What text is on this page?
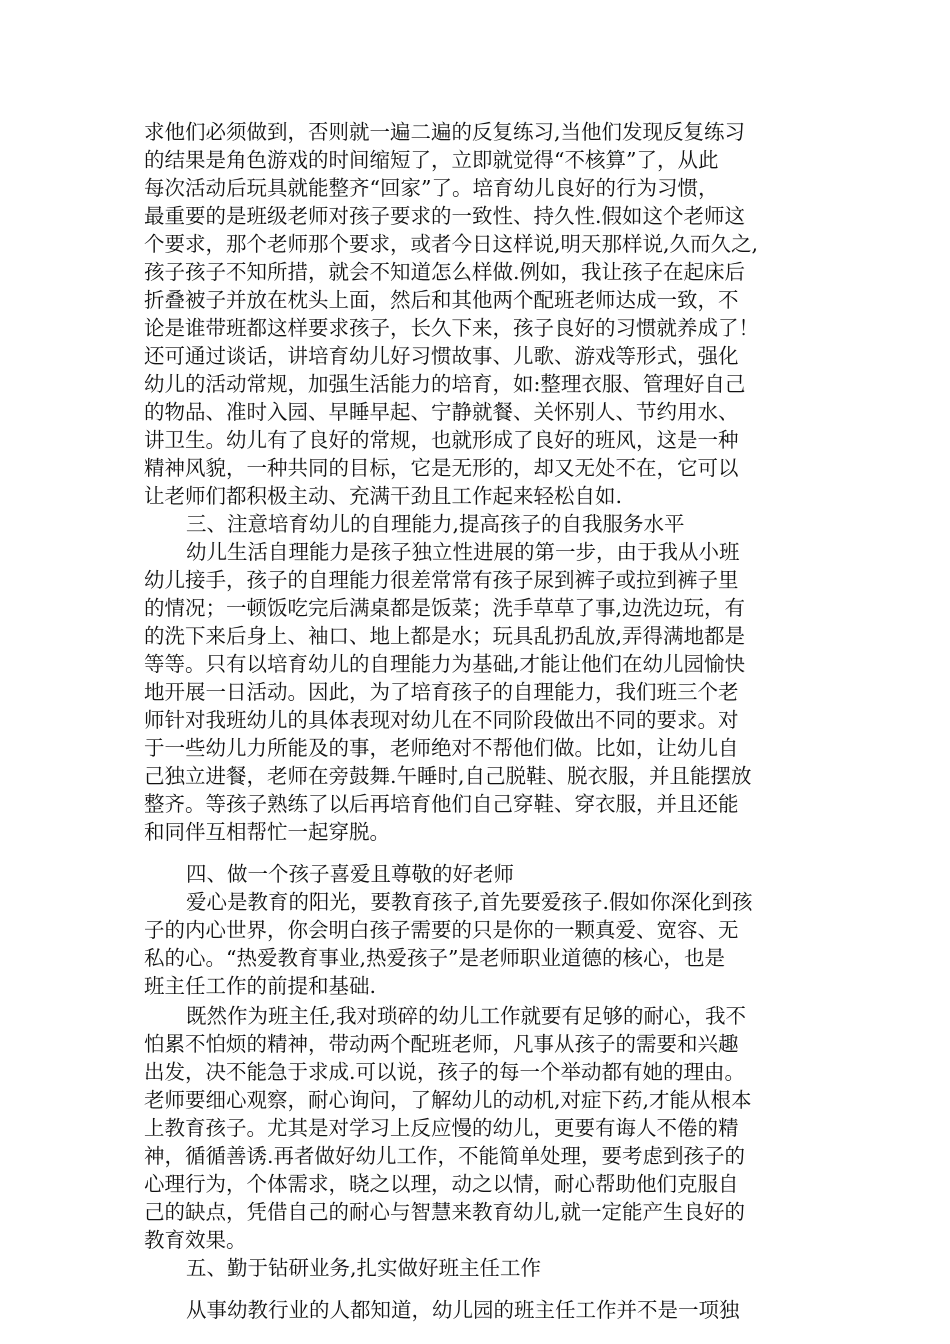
求他们必须做到，否则就一遍二遍的反复练习,当他们发现反复练习
的结果是角色游戏的时间缩短了，立即就觉得“不核算”了，从此
每次活动后玩具就能整齐“回家”了。培育幼儿良好的行为习惯，
最重要的是班级老师对孩子要求的一致性、持久性.假如这个老师这
个要求，那个老师那个要求，或者今日这样说,明天那样说,久而久之,
孩子孩子不知所措，就会不知道怎么样做.例如，我让孩子在起床后
折叠被子并放在枕头上面，然后和其他两个配班老师达成一致，不
论是谁带班都这样要求孩子，长久下来，孩子良好的习惯就养成了！
还可通过谈话，讲培育幼儿好习惯故事、儿歌、游戏等形式，强化
幼儿的活动常规，加强生活能力的培育，如:整理衣服、管理好自己
的物品、准时入园、早睡早起、宁静就餐、关怀别人、节约用水、
讲卫生。幼儿有了良好的常规，也就形成了良好的班风，这是一种
精神风貌，一种共同的目标，它是无形的，却又无处不在，它可以
让老师们都积极主动、充满干劲且工作起来轻松自如.
三、注意培育幼儿的自理能力,提高孩子的自我服务水平
幼儿生活自理能力是孩子独立性进展的第一步，由于我从小班
幼儿接手，孩子的自理能力很差常常有孩子尿到裤子或拉到裤子里
的情况；一顿饭吃完后满桌都是饭菜；洗手草草了事,边洗边玩，有
的洗下来后身上、袖口、地上都是水；玩具乱扔乱放,弄得满地都是
等等。只有以培育幼儿的自理能力为基础,才能让他们在幼儿园愉快
地开展一日活动。因此，为了培育孩子的自理能力，我们班三个老
师针对我班幼儿的具体表现对幼儿在不同阶段做出不同的要求。对
于一些幼儿力所能及的事，老师绝对不帮他们做。比如，让幼儿自
己独立进餐，老师在旁鼓舞.午睡时,自己脱鞋、脱衣服，并且能摆放
整齐。等孩子熟练了以后再培育他们自己穿鞋、穿衣服，并且还能
和同伴互相帮忙一起穿脱。
四、做一个孩子喜爱且尊敬的好老师
爱心是教育的阳光，要教育孩子,首先要爱孩子.假如你深化到孩
子的内心世界，你会明白孩子需要的只是你的一颗真爱、宽容、无
私的心。“热爱教育事业,热爱孩子”是老师职业道德的核心，也是
班主任工作的前提和基础.
既然作为班主任,我对琐碎的幼儿工作就要有足够的耐心，我不
怕累不怕烦的精神，带动两个配班老师，凡事从孩子的需要和兴趣
出发，决不能急于求成.可以说，孩子的每一个举动都有她的理由。
老师要细心观察，耐心询问，了解幼儿的动机,对症下药,才能从根本
上教育孩子。尤其是对学习上反应慢的幼儿，更要有诲人不倦的精
神，循循善诱.再者做好幼儿工作，不能简单处理，要考虑到孩子的
心理行为，个体需求，晓之以理，动之以情，耐心帮助他们克服自
己的缺点，凭借自己的耐心与智慧来教育幼儿,就一定能产生良好的
教育效果。
五、勤于钻研业务,扎实做好班主任工作
从事幼教行业的人都知道，幼儿园的班主任工作并不是一项独
